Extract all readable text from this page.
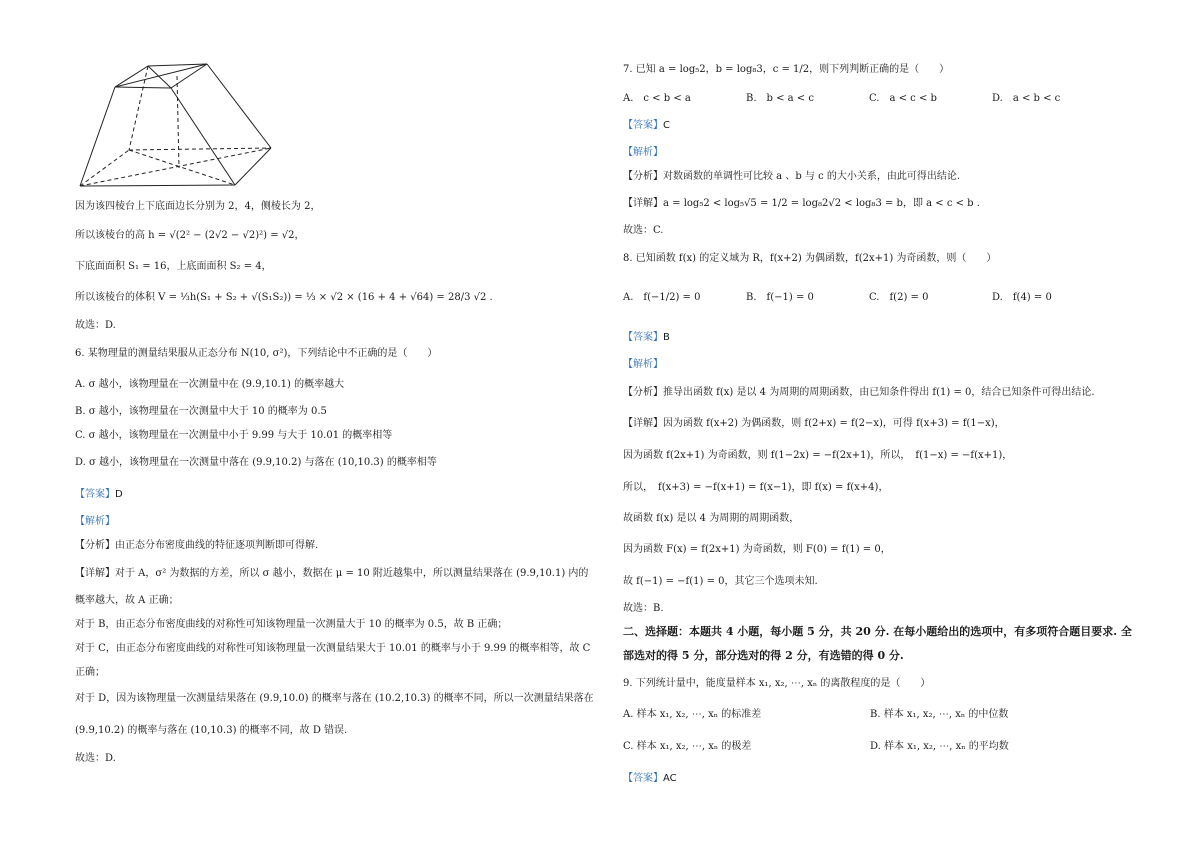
因为该四棱台上下底面边长分别为 2，4，侧棱长为 2，
所以该棱台的高 h = √(2² − (2√2 − √2)²) = √2，
下底面面积 S₁ = 16，上底面面积 S₂ = 4，
所以该棱台的体积 V = ⅓h(S₁ + S₂ + √(S₁S₂)) = ⅓ × √2 × (16 + 4 + √64) = 28/3 √2 .
故选：D.
6. 某物理量的测量结果服从正态分布 N(10, σ²)，下列结论中不正确的是（　　）
A. σ 越小，该物理量在一次测量中在 (9.9,10.1) 的概率越大
B. σ 越小，该物理量在一次测量中大于 10 的概率为 0.5
C. σ 越小，该物理量在一次测量中小于 9.99 与大于 10.01 的概率相等
D. σ 越小，该物理量在一次测量中落在 (9.9,10.2) 与落在 (10,10.3) 的概率相等
【答案】D
【解析】
【分析】由正态分布密度曲线的特征逐项判断即可得解.
【详解】对于 A，σ² 为数据的方差，所以 σ 越小，数据在 μ = 10 附近越集中，所以测量结果落在 (9.9,10.1) 内的
概率越大，故 A 正确；
对于 B，由正态分布密度曲线的对称性可知该物理量一次测量大于 10 的概率为 0.5，故 B 正确；
对于 C，由正态分布密度曲线的对称性可知该物理量一次测量结果大于 10.01 的概率与小于 9.99 的概率相等，故 C
正确；
对于 D，因为该物理量一次测量结果落在 (9.9,10.0) 的概率与落在 (10.2,10.3) 的概率不同，所以一次测量结果落在
(9.9,10.2) 的概率与落在 (10,10.3) 的概率不同，故 D 错误.
故选：D.
7. 已知 a = log₅2，b = log₈3，c = 1/2，则下列判断正确的是（　　）
A.　c < b < a	B.　b < a < c	C.　a < c < b	D.　a < b < c
【答案】C
【解析】
【分析】对数函数的单调性可比较 a 、b 与 c 的大小关系，由此可得出结论.
【详解】a = log₅2 < log₅√5 = 1/2 = log₈2√2 < log₈3 = b，即 a < c < b .
故选：C.
8. 已知函数 f(x) 的定义域为 R，f(x+2) 为偶函数，f(2x+1) 为奇函数，则（　　）
A.　f(−1/2) = 0	B.　f(−1) = 0	C.　f(2) = 0	D.　f(4) = 0
【答案】B
【解析】
【分析】推导出函数 f(x) 是以 4 为周期的周期函数，由已知条件得出 f(1) = 0，结合已知条件可得出结论.
【详解】因为函数 f(x+2) 为偶函数，则 f(2+x) = f(2−x)，可得 f(x+3) = f(1−x)，
因为函数 f(2x+1) 为奇函数，则 f(1−2x) = −f(2x+1)，所以，　f(1−x) = −f(x+1)，
所以，　f(x+3) = −f(x+1) = f(x−1)，即 f(x) = f(x+4)，
故函数 f(x) 是以 4 为周期的周期函数，
因为函数 F(x) = f(2x+1) 为奇函数，则 F(0) = f(1) = 0，
故 f(−1) = −f(1) = 0，其它三个选项未知.
故选：B.
二、选择题：本题共 4 小题，每小题 5 分，共 20 分. 在每小题给出的选项中，有多项符合题目要求. 全
部选对的得 5 分，部分选对的得 2 分，有选错的得 0 分.
9. 下列统计量中，能度量样本 x₁, x₂, ⋯, xₙ 的离散程度的是（　　）
A. 样本 x₁, x₂, ⋯, xₙ 的标准差	B. 样本 x₁, x₂, ⋯, xₙ 的中位数
C. 样本 x₁, x₂, ⋯, xₙ 的极差	D. 样本 x₁, x₂, ⋯, xₙ 的平均数
【答案】AC
